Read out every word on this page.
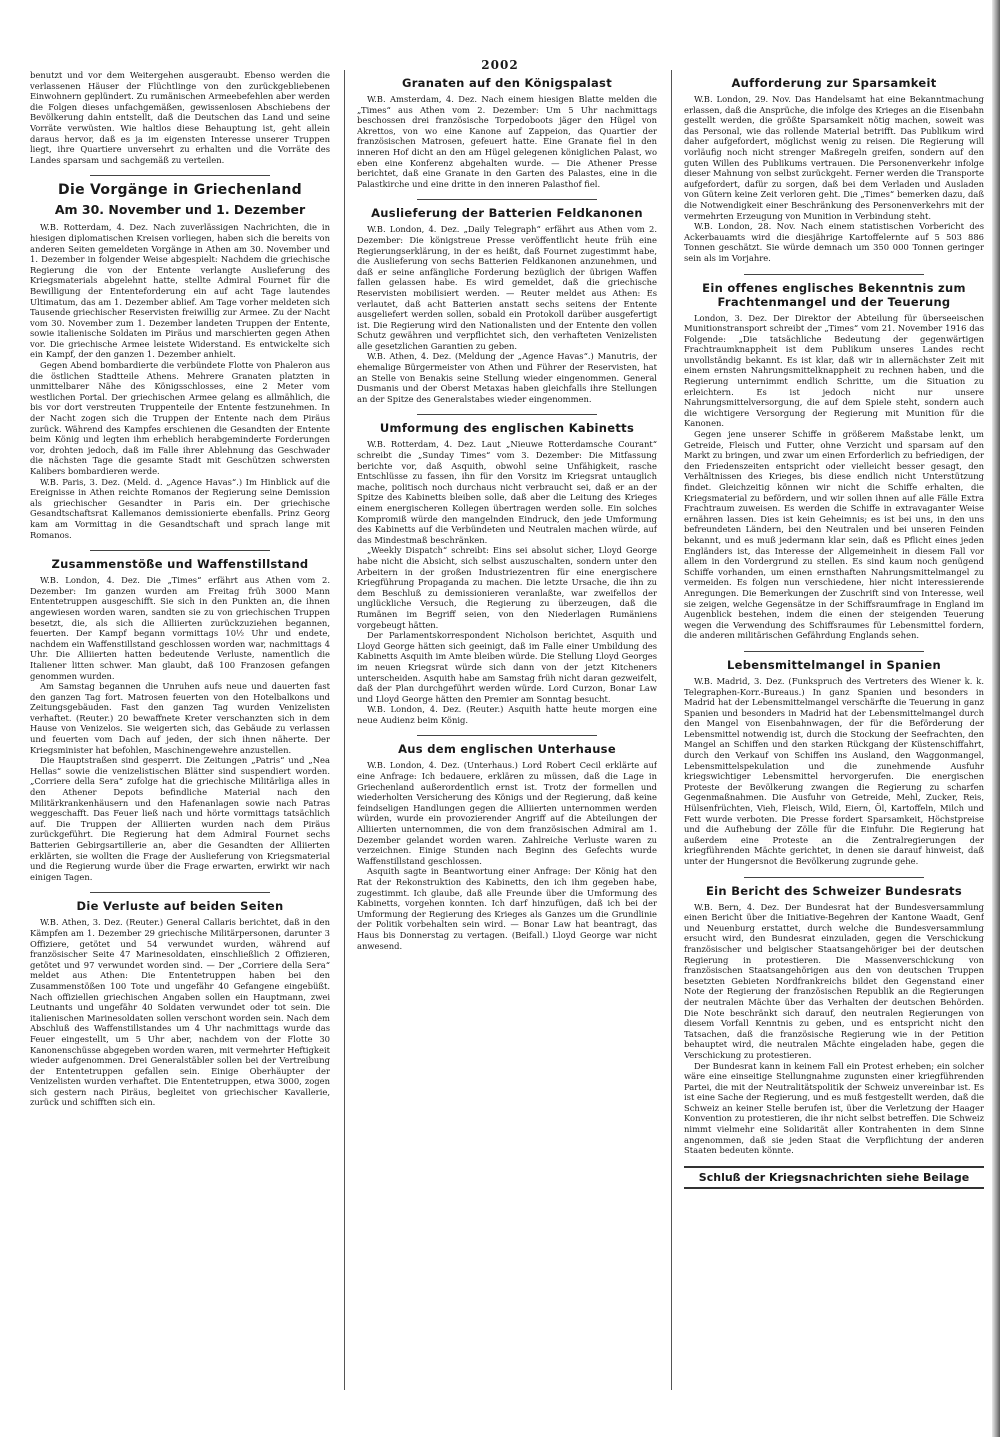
2002

benutzt und vor dem Weitergehen ausgeraubt. Ebenso werden die verlassenen Häuser der Flüchtlinge von den zurückgebliebenen Einwohnern geplündert. Zu rumänischen Armeebefehlen aber werden die Folgen dieses unfachgemäßen, gewissenlosen Abschiebens der Bevölkerung dahin entstellt, daß die Deutschen das Land und seine Vorräte verwüsten. Wie haltlos diese Behauptung ist, geht allein daraus hervor, daß es ja im eigensten Interesse unserer Truppen liegt, ihre Quartiere unversehrt zu erhalten und die Vorräte des Landes sparsam und sachgemäß zu verteilen.

Die Vorgänge in Griechenland
Am 30. November und 1. Dezember

W.B. Rotterdam, 4. Dez. Nach zuverlässigen Nachrichten, die in hiesigen diplomatischen Kreisen vorliegen, haben sich die bereits von anderen Seiten gemeldeten Vorgänge in Athen am 30. November und 1. Dezember in folgender Weise abgespielt: Nachdem die griechische Regierung die von der Entente verlangte Auslieferung des Kriegsmaterials abgelehnt hatte, stellte Admiral Fournet für die Bewilligung der Ententeforderung ein auf acht Tage lautendes Ultimatum, das am 1. Dezember ablief. Am Tage vorher meldeten sich Tausende griechischer Reservisten freiwillig zur Armee. Zu der Nacht vom 30. November zum 1. Dezember landeten Truppen der Entente, sowie italienische Soldaten im Piräus und marschierten gegen Athen vor. Die griechische Armee leistete Widerstand. Es entwickelte sich ein Kampf, der den ganzen 1. Dezember anhielt.

Gegen Abend bombardierte die verbündete Flotte von Phaleron aus die östlichen Stadtteile Athens. Mehrere Granaten platzten in unmittelbarer Nähe des Königsschlosses, eine 2 Meter vom westlichen Portal. Der griechischen Armee gelang es allmählich, die bis vor dort verstreuten Truppenteile der Entente festzunehmen. In der Nacht zogen sich die Truppen der Entente nach dem Piräus zurück. Während des Kampfes erschienen die Gesandten der Entente beim König und legten ihm erheblich herabgeminderte Forderungen vor, drohten jedoch, daß im Falle ihrer Ablehnung das Geschwader die nächsten Tage die gesamte Stadt mit Geschützen schwersten Kalibers bombardieren werde.

W.B. Paris, 3. Dez. (Meld. d. „Agence Havas“.) Im Hinblick auf die Ereignisse in Athen reichte Romanos der Regierung seine Demission als griechischer Gesandter in Paris ein. Der griechische Gesandtschaftsrat Kallemanos demissionierte ebenfalls. Prinz Georg kam am Vormittag in die Gesandtschaft und sprach lange mit Romanos.

Zusammenstöße und Waffenstillstand

W.B. London, 4. Dez. Die „Times“ erfährt aus Athen vom 2. Dezember: Im ganzen wurden am Freitag früh 3000 Mann Ententetruppen ausgeschifft. Sie sich in den Punkten an, die ihnen angewiesen worden waren, sandten sie zu von griechischen Truppen besetzt, die, als sich die Alliierten zurückzuziehen begannen, feuerten. Der Kampf begann vormittags 10½ Uhr und endete, nachdem ein Waffenstillstand geschlossen worden war, nachmittags 4 Uhr. Die Alliierten hatten bedeutende Verluste, namentlich die Italiener litten schwer. Man glaubt, daß 100 Franzosen gefangen genommen wurden.

Am Samstag begannen die Unruhen aufs neue und dauerten fast den ganzen Tag fort. Matrosen feuerten von den Hotelbalkons und Zeitungsgebäuden. Fast den ganzen Tag wurden Venizelisten verhaftet. (Reuter.) 20 bewaffnete Kreter verschanzten sich in dem Hause von Venizelos. Sie weigerten sich, das Gebäude zu verlassen und feuerten vom Dach auf jeden, der sich ihnen näherte. Der Kriegsminister hat befohlen, Maschinengewehre anzustellen.

Die Hauptstraßen sind gesperrt. Die Zeitungen „Patris“ und „Nea Hellas“ sowie die venizelistischen Blätter sind suspendiert worden. „Corriere della Sera“ zufolge hat die griechische Militärliga alles in den Athener Depots befindliche Material nach den Militärkrankenhäusern und den Hafenanlagen sowie nach Patras weggeschafft. Das Feuer ließ nach und hörte vormittags tatsächlich auf. Die Truppen der Alliierten wurden nach dem Piräus zurückgeführt. Die Regierung hat dem Admiral Fournet sechs Batterien Gebirgsartillerie an, aber die Gesandten der Alliierten erklärten, sie wollten die Frage der Auslieferung von Kriegsmaterial und die Regierung wurde über die Frage erwarten, erwirkt wir nach einigen Tagen.

Die Verluste auf beiden Seiten

W.B. Athen, 3. Dez. (Reuter.) General Callaris berichtet, daß in den Kämpfen am 1. Dezember 29 griechische Militärpersonen, darunter 3 Offiziere, getötet und 54 verwundet wurden, während auf französischer Seite 47 Marinesoldaten, einschließlich 2 Offizieren, getötet und 97 verwundet worden sind. — Der „Corriere della Sera“ meldet aus Athen: Die Ententetruppen haben bei den Zusammenstößen 100 Tote und ungefähr 40 Gefangene eingebüßt. Nach offiziellen griechischen Angaben sollen ein Hauptmann, zwei Leutnants und ungefähr 40 Soldaten verwundet oder tot sein. Die italienischen Marinesoldaten sollen verschont worden sein. Nach dem Abschluß des Waffenstillstandes um 4 Uhr nachmittags wurde das Feuer eingestellt, um 5 Uhr aber, nachdem von der Flotte 30 Kanonenschüsse abgegeben worden waren, mit vermehrter Heftigkeit wieder aufgenommen. Drei Generalstäbler sollen bei der Vertreibung der Ententetruppen gefallen sein. Einige Oberhäupter der Venizelisten wurden verhaftet. Die Ententetruppen, etwa 3000, zogen sich gestern nach Piräus, begleitet von griechischer Kavallerie, zurück und schifften sich ein.

Granaten auf den Königspalast

W.B. Amsterdam, 4. Dez. Nach einem hiesigen Blatte melden die „Times“ aus Athen vom 2. Dezember: Um 5 Uhr nachmittags beschossen drei französische Torpedoboots jäger den Hügel von Akrettos, von wo eine Kanone auf Zappeion, das Quartier der französischen Matrosen, gefeuert hatte. Eine Granate fiel in den inneren Hof dicht an den am Hügel gelegenen königlichen Palast, wo eben eine Konferenz abgehalten wurde. — Die Athener Presse berichtet, daß eine Granate in den Garten des Palastes, eine in die Palastkirche und eine dritte in den inneren Palasthof fiel.

Auslieferung der Batterien Feldkanonen

W.B. London, 4. Dez. „Daily Telegraph“ erfährt aus Athen vom 2. Dezember: Die königstreue Presse veröffentlicht heute früh eine Regierungserklärung, in der es heißt, daß Fournet zugestimmt habe, die Auslieferung von sechs Batterien Feldkanonen anzunehmen, und daß er seine anfängliche Forderung bezüglich der übrigen Waffen fallen gelassen habe. Es wird gemeldet, daß die griechische Reservisten mobilisiert werden. — Reuter meldet aus Athen: Es verlautet, daß acht Batterien anstatt sechs seitens der Entente ausgeliefert werden sollen, sobald ein Protokoll darüber ausgefertigt ist. Die Regierung wird den Nationalisten und der Entente den vollen Schutz gewähren und verpflichtet sich, den verhafteten Venizelisten alle gesetzlichen Garantien zu geben.

W.B. Athen, 4. Dez. (Meldung der „Agence Havas“.) Manutris, der ehemalige Bürgermeister von Athen und Führer der Reservisten, hat an Stelle von Benakis seine Stellung wieder eingenommen. General Dusmanis und der Oberst Metaxas haben gleichfalls ihre Stellungen an der Spitze des Generalstabes wieder eingenommen.

Umformung des englischen Kabinetts

W.B. Rotterdam, 4. Dez. Laut „Nieuwe Rotterdamsche Courant“ schreibt die „Sunday Times“ vom 3. Dezember: Die Mitfassung berichte vor, daß Asquith, obwohl seine Unfähigkeit, rasche Entschlüsse zu fassen, ihn für den Vorsitz im Kriegsrat untauglich mache, politisch noch durchaus nicht verbraucht sei, daß er an der Spitze des Kabinetts bleiben solle, daß aber die Leitung des Krieges einem energischeren Kollegen übertragen werden solle. Ein solches Kompromiß würde den mangelnden Eindruck, den jede Umformung des Kabinetts auf die Verbündeten und Neutralen machen würde, auf das Mindestmaß beschränken.

„Weekly Dispatch“ schreibt: Eins sei absolut sicher, Lloyd George habe nicht die Absicht, sich selbst auszuschalten, sondern unter den Arbeitern in der großen Industriezentren für eine energischere Kriegführung Propaganda zu machen. Die letzte Ursache, die ihn zu dem Beschluß zu demissionieren veranlaßte, war zweifellos der unglückliche Versuch, die Regierung zu überzeugen, daß die Rumänen im Begriff seien, von den Niederlagen Rumäniens vorgebeugt hätten.

Der Parlamentskorrespondent Nicholson berichtet, Asquith und Lloyd George hätten sich geeinigt, daß im Falle einer Umbildung des Kabinetts Asquith im Amte bleiben würde. Die Stellung Lloyd Georges im neuen Kriegsrat würde sich dann von der jetzt Kitcheners unterscheiden. Asquith habe am Samstag früh nicht daran gezweifelt, daß der Plan durchgeführt werden würde. Lord Curzon, Bonar Law und Lloyd George hätten den Premier am Sonntag besucht.

W.B. London, 4. Dez. (Reuter.) Asquith hatte heute morgen eine neue Audienz beim König.

Aus dem englischen Unterhause

W.B. London, 4. Dez. (Unterhaus.) Lord Robert Cecil erklärte auf eine Anfrage: Ich bedauere, erklären zu müssen, daß die Lage in Griechenland außerordentlich ernst ist. Trotz der formellen und wiederholten Versicherung des Königs und der Regierung, daß keine feindseligen Handlungen gegen die Alliierten unternommen werden würden, wurde ein provozierender Angriff auf die Abteilungen der Alliierten unternommen, die von dem französischen Admiral am 1. Dezember gelandet worden waren. Zahlreiche Verluste waren zu verzeichnen. Einige Stunden nach Beginn des Gefechts wurde Waffenstillstand geschlossen.

Asquith sagte in Beantwortung einer Anfrage: Der König hat den Rat der Rekonstruktion des Kabinetts, den ich ihm gegeben habe, zugestimmt. Ich glaube, daß alle Freunde über die Umformung des Kabinetts, vorgehen konnten. Ich darf hinzufügen, daß ich bei der Umformung der Regierung des Krieges als Ganzes um die Grundlinie der Politik vorbehalten sein wird. — Bonar Law hat beantragt, das Haus bis Donnerstag zu vertagen. (Beifall.) Lloyd George war nicht anwesend.

Aufforderung zur Sparsamkeit

W.B. London, 29. Nov. Das Handelsamt hat eine Bekanntmachung erlassen, daß die Ansprüche, die infolge des Krieges an die Eisenbahn gestellt werden, die größte Sparsamkeit nötig machen, soweit was das Personal, wie das rollende Material betrifft. Das Publikum wird daher aufgefordert, möglichst wenig zu reisen. Die Regierung will vorläufig noch nicht strenger Maßregeln greifen, sondern auf den guten Willen des Publikums vertrauen. Die Personenverkehr infolge dieser Mahnung von selbst zurückgeht. Ferner werden die Transporte aufgefordert, dafür zu sorgen, daß bei dem Verladen und Ausladen von Gütern keine Zeit verloren geht. Die „Times“ bemerken dazu, daß die Notwendigkeit einer Beschränkung des Personenverkehrs mit der vermehrten Erzeugung von Munition in Verbindung steht.

W.B. London, 28. Nov. Nach einem statistischen Vorbericht des Ackerbauamts wird die diesjährige Kartoffelernte auf 5 503 886 Tonnen geschätzt. Sie würde demnach um 350 000 Tonnen geringer sein als im Vorjahre.

Ein offenes englisches Bekenntnis zum Frachtenmangel und der Teuerung

London, 3. Dez. Der Direktor der Abteilung für überseeischen Munitionstransport schreibt der „Times“ vom 21. November 1916 das Folgende: „Die tatsächliche Bedeutung der gegenwärtigen Frachtraumknappheit ist dem Publikum unseres Landes recht unvollständig bekannt. Es ist klar, daß wir in allernächster Zeit mit einem ernsten Nahrungsmittelknappheit zu rechnen haben, und die Regierung unternimmt endlich Schritte, um die Situation zu erleichtern. Es ist jedoch nicht nur unsere Nahrungsmittelversorgung, die auf dem Spiele steht, sondern auch die wichtigere Versorgung der Regierung mit Munition für die Kanonen.

Gegen jene unserer Schiffe in größerem Maßstabe lenkt, um Getreide, Fleisch und Futter, ohne Verzicht und sparsam auf den Markt zu bringen, und zwar um einen Erforderlich zu befriedigen, der den Friedenszeiten entspricht oder vielleicht besser gesagt, den Verhältnissen des Krieges, bis diese endlich nicht Unterstützung findet. Gleichzeitig können wir nicht die Schiffe erhalten, die Kriegsmaterial zu befördern, und wir sollen ihnen auf alle Fälle Extra Frachtraum zuweisen. Es werden die Schiffe in extravaganter Weise ernähren lassen. Dies ist kein Geheimnis; es ist bei uns, in den uns befreundeten Ländern, bei den Neutralen und bei unseren Feinden bekannt, und es muß jedermann klar sein, daß es Pflicht eines jeden Engländers ist, das Interesse der Allgemeinheit in diesem Fall vor allem in den Vordergrund zu stellen. Es sind kaum noch genügend Schiffe vorhanden, um einen ernsthaften Nahrungsmittelmangel zu vermeiden. Es folgen nun verschiedene, hier nicht interessierende Anregungen. Die Bemerkungen der Zuschrift sind von Interesse, weil sie zeigen, welche Gegensätze in der Schiffsraumfrage in England im Augenblick bestehen, indem die einen der steigenden Teuerung wegen die Verwendung des Schiffsraumes für Lebensmittel fordern, die anderen militärischen Gefährdung Englands sehen.

Lebensmittelmangel in Spanien

W.B. Madrid, 3. Dez. (Funkspruch des Vertreters des Wiener k. k. Telegraphen-Korr.-Bureaus.) In ganz Spanien und besonders in Madrid hat der Lebensmittelmangel verschärfte die Teuerung in ganz Spanien und besonders in Madrid hat der Lebensmittelmangel durch den Mangel von Eisenbahnwagen, der für die Beförderung der Lebensmittel notwendig ist, durch die Stockung der Seefrachten, den Mangel an Schiffen und den starken Rückgang der Küstenschiffahrt, durch den Verkauf von Schiffen ins Ausland, den Waggonmangel, Lebensmittelspekulation und die zunehmende Ausfuhr kriegswichtiger Lebensmittel hervorgerufen. Die energischen Proteste der Bevölkerung zwangen die Regierung zu scharfen Gegenmaßnahmen. Die Ausfuhr von Getreide, Mehl, Zucker, Reis, Hülsenfrüchten, Vieh, Fleisch, Wild, Eiern, Öl, Kartoffeln, Milch und Fett wurde verboten. Die Presse fordert Sparsamkeit, Höchstpreise und die Aufhebung der Zölle für die Einfuhr. Die Regierung hat außerdem eine Proteste an die Zentralregierungen der kriegführenden Mächte gerichtet, in denen sie darauf hinweist, daß unter der Hungersnot die Bevölkerung zugrunde gehe.

Ein Bericht des Schweizer Bundesrats

W.B. Bern, 4. Dez. Der Bundesrat hat der Bundesversammlung einen Bericht über die Initiative-Begehren der Kantone Waadt, Genf und Neuenburg erstattet, durch welche die Bundesversammlung ersucht wird, den Bundesrat einzuladen, gegen die Verschickung französischer und belgischer Staatsangehöriger bei der deutschen Regierung in protestieren. Die Massenverschickung von französischen Staatsangehörigen aus den von deutschen Truppen besetzten Gebieten Nordfrankreichs bildet den Gegenstand einer Note der Regierung der französischen Republik an die Regierungen der neutralen Mächte über das Verhalten der deutschen Behörden. Die Note beschränkt sich darauf, den neutralen Regierungen von diesem Vorfall Kenntnis zu geben, und es entspricht nicht den Tatsachen, daß die französische Regierung wie in der Petition behauptet wird, die neutralen Mächte eingeladen habe, gegen die Verschickung zu protestieren.

Der Bundesrat kann in keinem Fall ein Protest erheben; ein solcher wäre eine einseitige Stellungnahme zugunsten einer kriegführenden Partei, die mit der Neutralitätspolitik der Schweiz unvereinbar ist. Es ist eine Sache der Regierung, und es muß festgestellt werden, daß die Schweiz an keiner Stelle berufen ist, über die Verletzung der Haager Konvention zu protestieren, die ihr nicht selbst betreffen. Die Schweiz nimmt vielmehr eine Solidarität aller Kontrahenten in dem Sinne angenommen, daß sie jeden Staat die Verpflichtung der anderen Staaten bedeuten könnte.

Schluß der Kriegsnachrichten siehe Beilage
